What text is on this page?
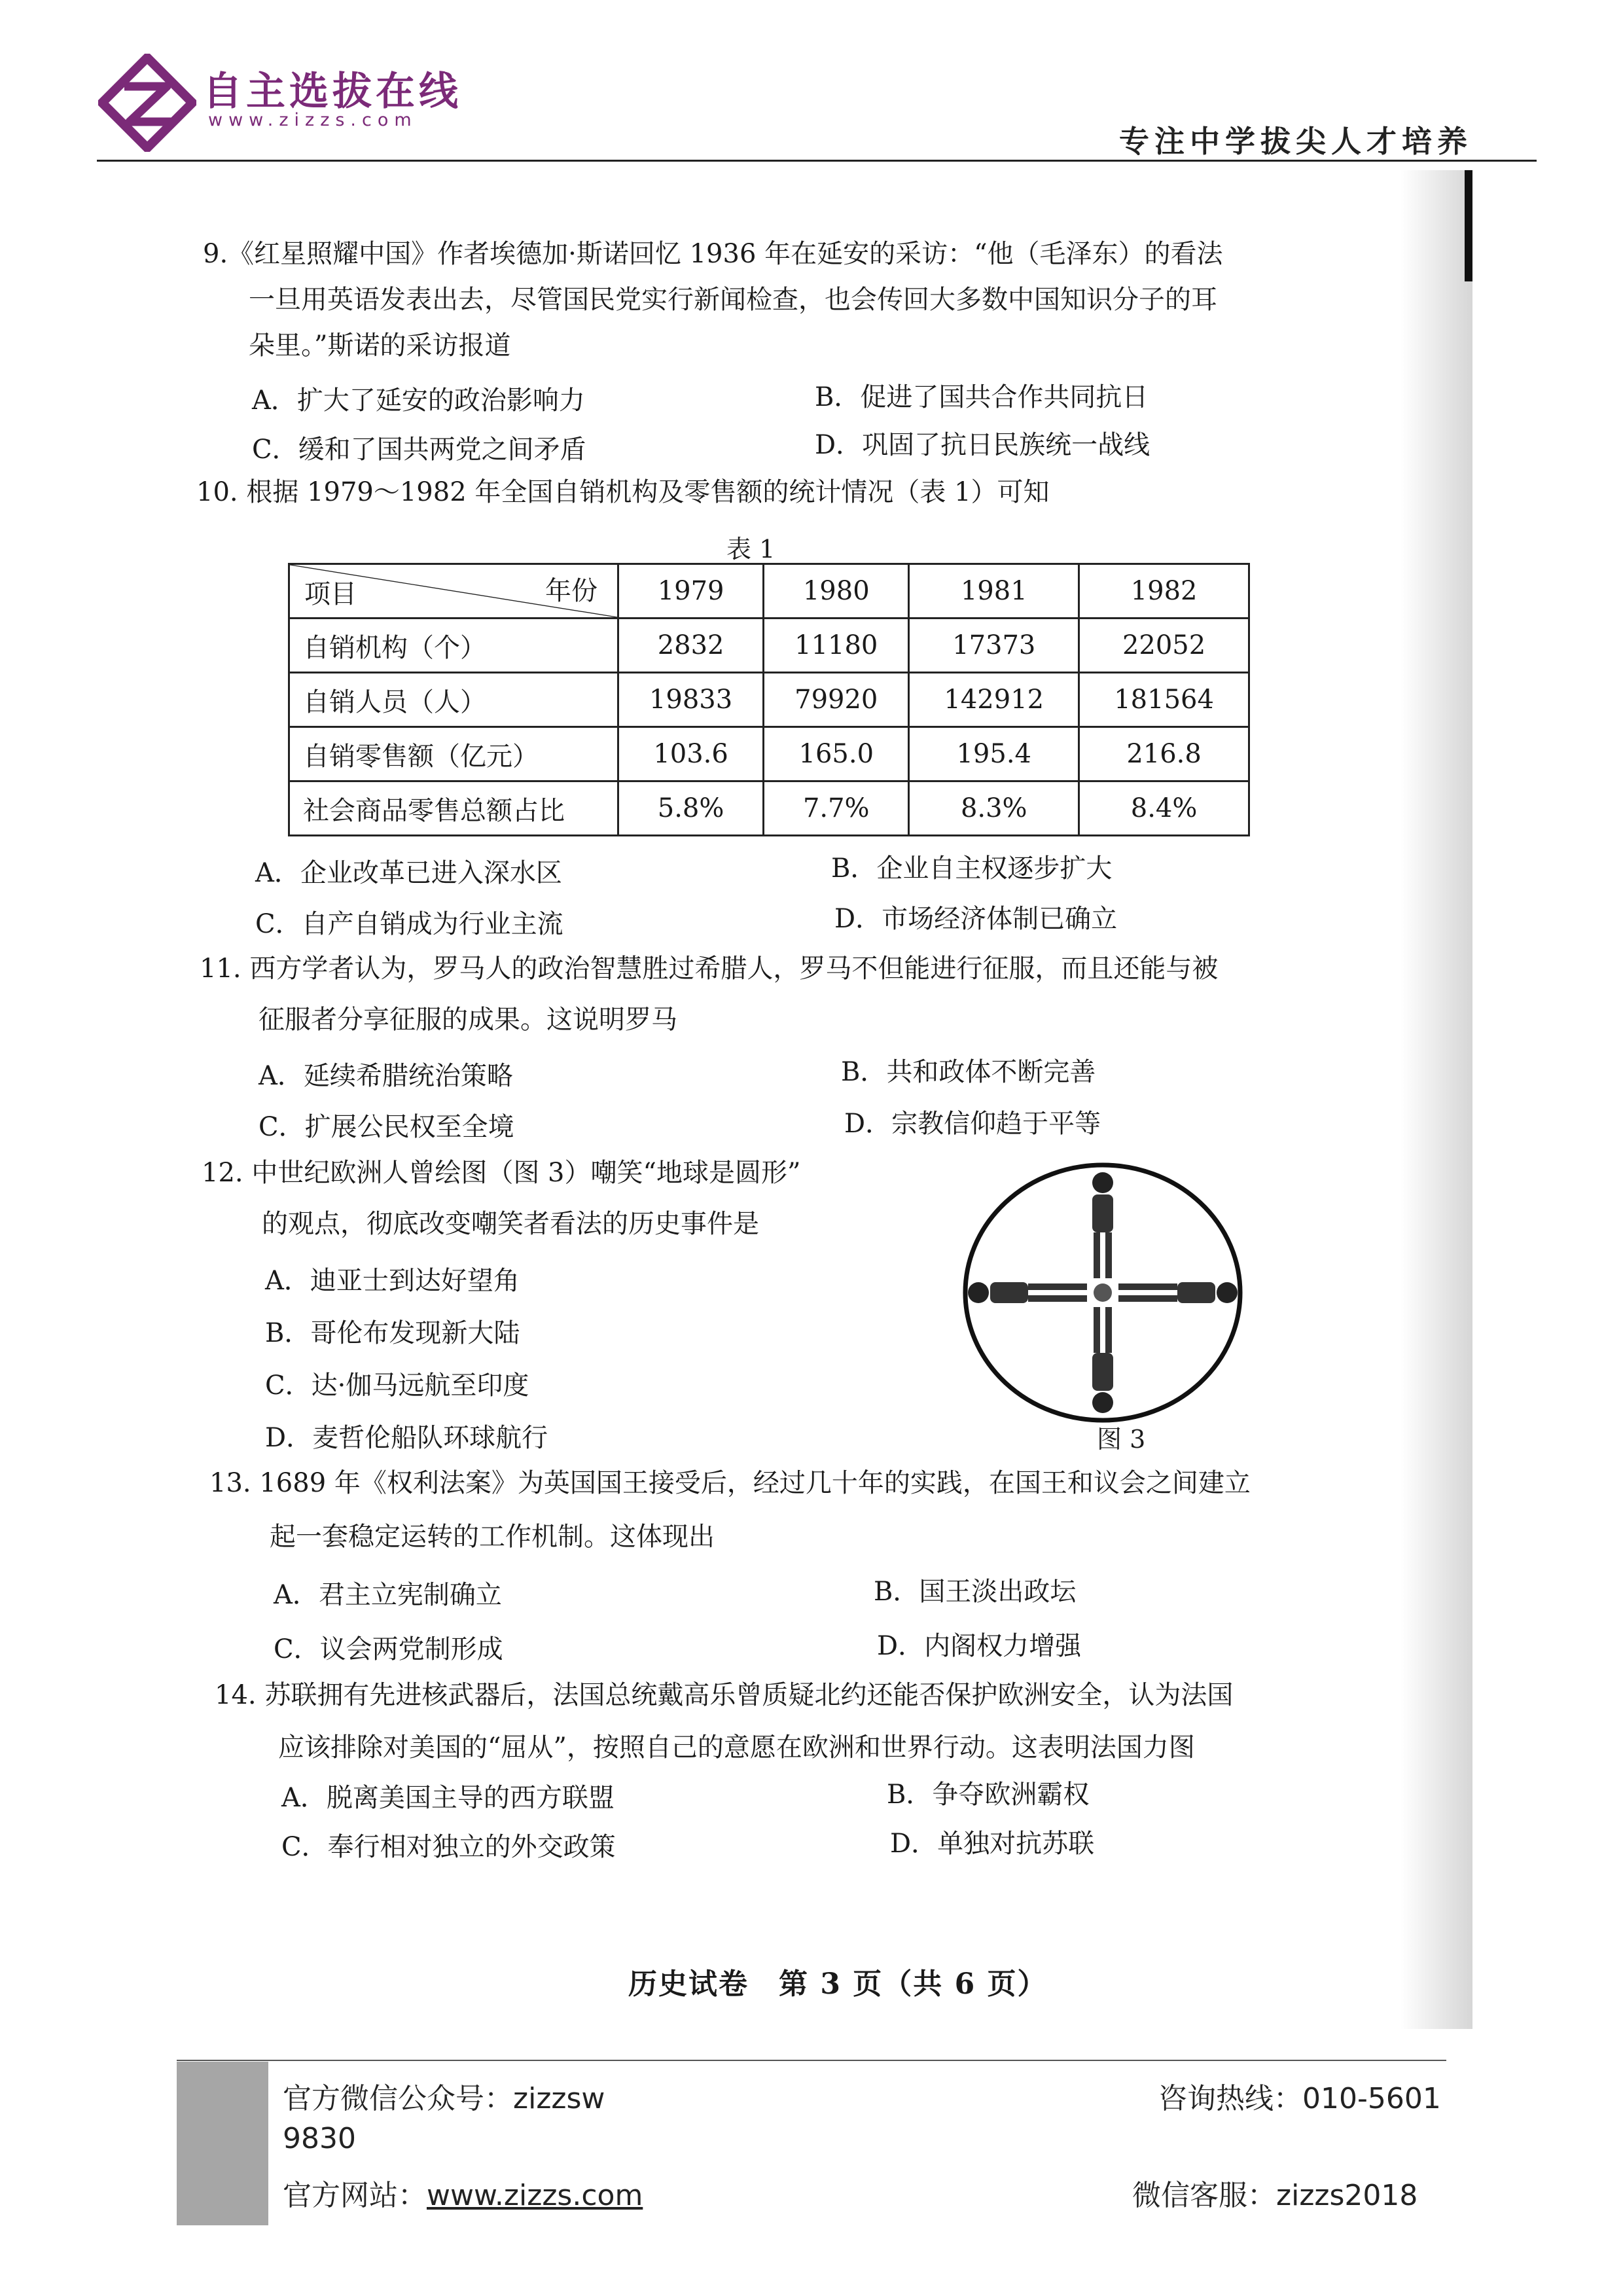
自主选拔在线
www.zizzs.com
专注中学拔尖人才培养
9.《红星照耀中国》作者埃德加·斯诺回忆 1936 年在延安的采访：“他（毛泽东）的看法
一旦用英语发表出去，尽管国民党实行新闻检查，也会传回大多数中国知识分子的耳
朵里。”斯诺的采访报道
A．扩大了延安的政治影响力	B．促进了国共合作共同抗日
C．缓和了国共两党之间矛盾	D．巩固了抗日民族统一战线
10. 根据 1979～1982 年全国自销机构及零售额的统计情况（表 1）可知
表 1
项目 年份	1979	1980	1981	1982
自销机构（个）	2832	11180	17373	22052
自销人员（人）	19833	79920	142912	181564
自销零售额（亿元）	103.6	165.0	195.4	216.8
社会商品零售总额占比	5.8%	7.7%	8.3%	8.4%
A．企业改革已进入深水区	B．企业自主权逐步扩大
C．自产自销成为行业主流	D．市场经济体制已确立
11. 西方学者认为，罗马人的政治智慧胜过希腊人，罗马不但能进行征服，而且还能与被
征服者分享征服的成果。这说明罗马
A．延续希腊统治策略	B．共和政体不断完善
C．扩展公民权至全境	D．宗教信仰趋于平等
12. 中世纪欧洲人曾绘图（图 3）嘲笑“地球是圆形”
的观点，彻底改变嘲笑者看法的历史事件是
A．迪亚士到达好望角
B．哥伦布发现新大陆
C．达·伽马远航至印度
D．麦哲伦船队环球航行	图 3
13. 1689 年《权利法案》为英国国王接受后，经过几十年的实践，在国王和议会之间建立
起一套稳定运转的工作机制。这体现出
A．君主立宪制确立	B．国王淡出政坛
C．议会两党制形成	D．内阁权力增强
14. 苏联拥有先进核武器后，法国总统戴高乐曾质疑北约还能否保护欧洲安全，认为法国
应该排除对美国的“屈从”，按照自己的意愿在欧洲和世界行动。这表明法国力图
A．脱离美国主导的西方联盟	B．争夺欧洲霸权
C．奉行相对独立的外交政策	D．单独对抗苏联
历史试卷　第 3 页（共 6 页）
官方微信公众号：zizzsw
9830
咨询热线：010-5601
官方网站：www.zizzs.com	微信客服：zizzs2018
